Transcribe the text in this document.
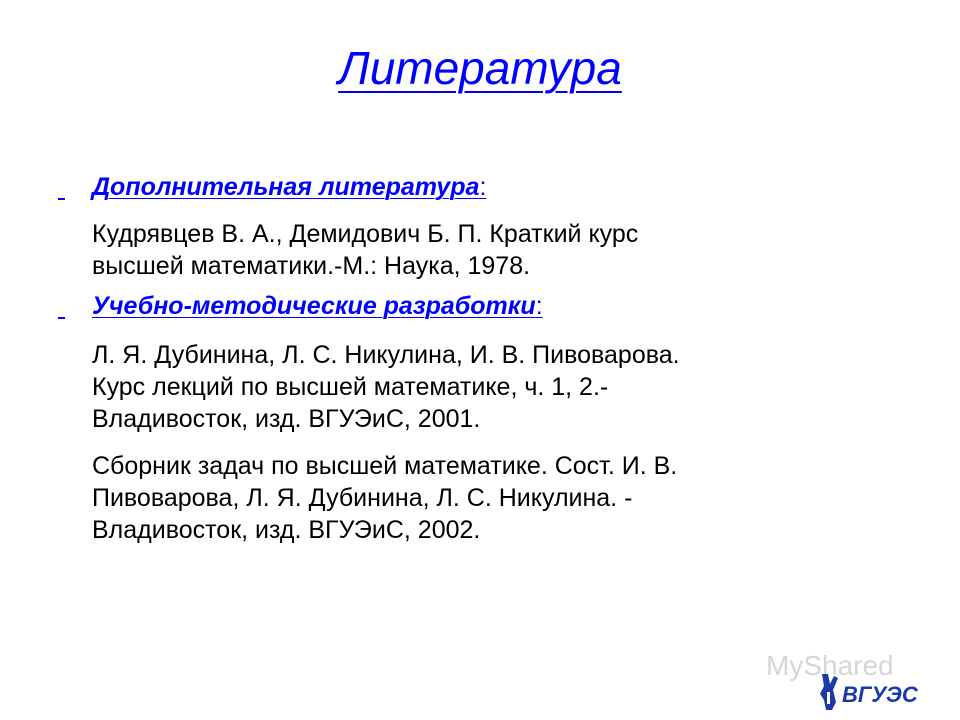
Литература
Дополнительная литература:
Кудрявцев В. А., Демидович Б. П. Краткий курс
высшей математики.-М.: Наука, 1978.
Учебно-методические разработки:
Л. Я. Дубинина, Л. С. Никулина, И. В. Пивоварова.
Курс лекций по высшей математике, ч. 1, 2.-
Владивосток, изд. ВГУЭиС, 2001.
Сборник задач по высшей математике. Сост. И. В.
Пивоварова, Л. Я. Дубинина, Л. С. Никулина. -
Владивосток, изд. ВГУЭиС, 2002.
MyShared
ВГУЭС
